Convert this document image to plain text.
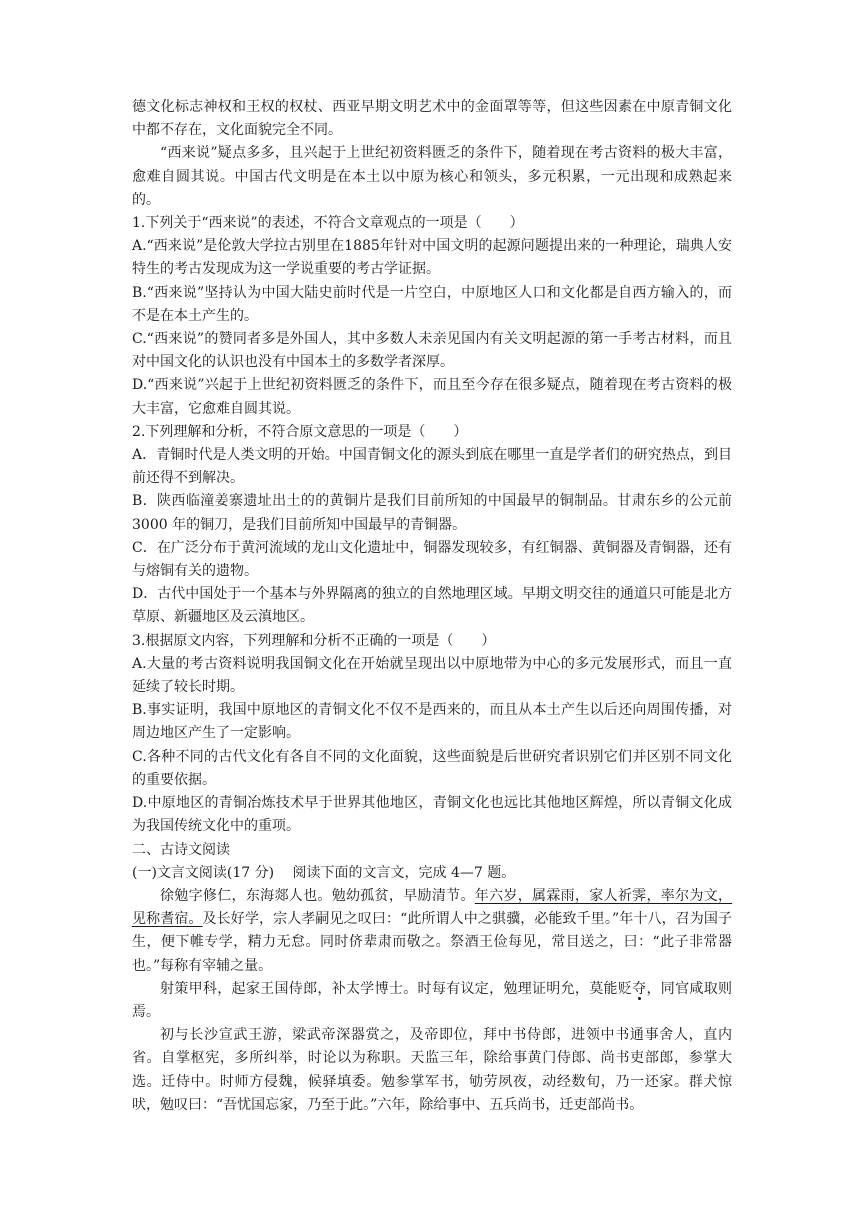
德文化标志神权和王权的权杖、西亚早期文明艺术中的金面罩等等，但这些因素在中原青铜文化中都不存在，文化面貌完全不同。

“西来说”疑点多多，且兴起于上世纪初资料匮乏的条件下，随着现在考古资料的极大丰富，愈难自圆其说。中国古代文明是在本土以中原为核心和领头，多元积累，一元出现和成熟起来的。

1.下列关于“西来说”的表述，不符合文章观点的一项是（　　）

A.“西来说”是伦敦大学拉古别里在1885年针对中国文明的起源问题提出来的一种理论，瑞典人安特生的考古发现成为这一学说重要的考古学证据。

B.“西来说”坚持认为中国大陆史前时代是一片空白，中原地区人口和文化都是自西方输入的，而不是在本土产生的。

C.“西来说”的赞同者多是外国人，其中多数人未亲见国内有关文明起源的第一手考古材料，而且对中国文化的认识也没有中国本土的多数学者深厚。

D.“西来说”兴起于上世纪初资料匮乏的条件下，而且至今存在很多疑点，随着现在考古资料的极大丰富，它愈难自圆其说。

2.下列理解和分析，不符合原文意思的一项是（　　）

A．青铜时代是人类文明的开始。中国青铜文化的源头到底在哪里一直是学者们的研究热点，到目前还得不到解决。

B．陕西临潼姜寨遗址出土的的黄铜片是我们目前所知的中国最早的铜制品。甘肃东乡的公元前 3000 年的铜刀，是我们目前所知中国最早的青铜器。

C．在广泛分布于黄河流域的龙山文化遗址中，铜器发现较多，有红铜器、黄铜器及青铜器，还有与熔铜有关的遗物。

D．古代中国处于一个基本与外界隔离的独立的自然地理区域。早期文明交往的通道只可能是北方草原、新疆地区及云滇地区。

3.根据原文内容，下列理解和分析不正确的一项是（　　）

A.大量的考古资料说明我国铜文化在开始就呈现出以中原地带为中心的多元发展形式，而且一直延续了较长时期。

B.事实证明，我国中原地区的青铜文化不仅不是西来的，而且从本土产生以后还向周围传播，对周边地区产生了一定影响。

C.各种不同的古代文化有各自不同的文化面貌，这些面貌是后世研究者识别它们并区别不同文化的重要依据。

D.中原地区的青铜冶炼技术早于世界其他地区，青铜文化也远比其他地区辉煌，所以青铜文化成为我国传统文化中的重项。

二、古诗文阅读

(一)文言文阅读(17 分)　 阅读下面的文言文，完成 4—7 题。

徐勉字修仁，东海郯人也。勉幼孤贫，早励清节。年六岁，属霖雨，家人祈霁，率尔为文，见称耆宿。及长好学，宗人孝嗣见之叹曰：“此所谓人中之骐骥，必能致千里。”年十八，召为国子生，便下帷专学，精力无怠。同时侪辈肃而敬之。祭酒王俭每见，常目送之，曰：“此子非常器也。”每称有宰辅之量。

射策甲科，起家王国侍郎，补太学博士。时每有议定，勉理证明允，莫能贬夺，同官咸取则焉。

初与长沙宣武王游，梁武帝深器赏之，及帝即位，拜中书侍郎，进领中书通事舍人，直内省。自掌枢宪，多所纠举，时论以为称职。天监三年，除给事黄门侍郎、尚书吏部郎，参掌大选。迁侍中。时师方侵魏，候驿填委。勉参掌军书，劬劳夙夜，动经数旬，乃一还家。群犬惊吠，勉叹曰：“吾忧国忘家，乃至于此。”六年，除给事中、五兵尚书，迁吏部尚书。
